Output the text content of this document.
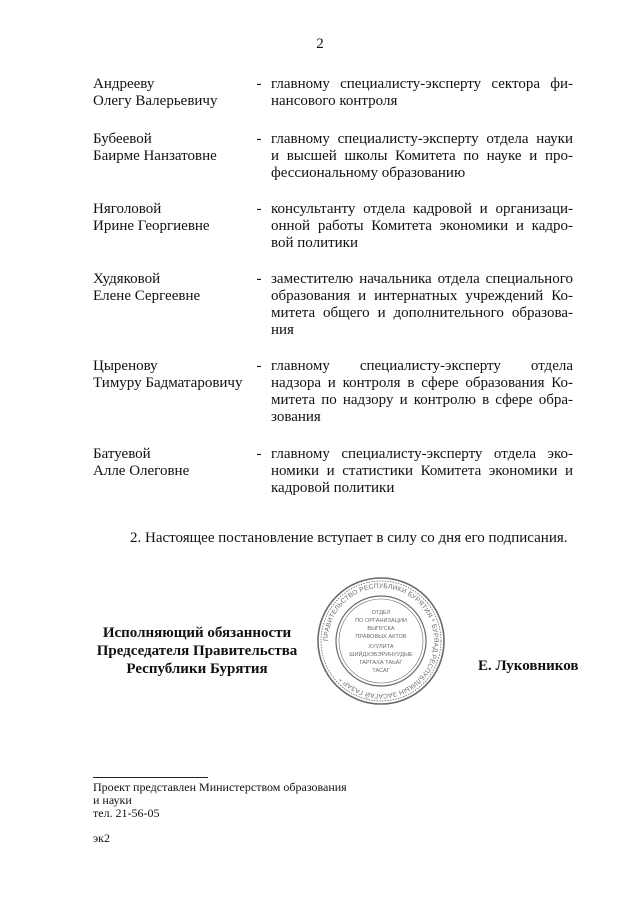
2
Андрееву
Олегу Валерьевичу
- главному специалисту-эксперту сектора фи-
нансового контроля
Бубеевой
Баирме Нанзатовне
- главному специалисту-эксперту отдела науки
и высшей школы Комитета по науке и про-
фессиональному образованию
Няголовой
Ирине Георгиевне
- консультанту отдела кадровой и организаци-
онной работы Комитета экономики и кадро-
вой политики
Худяковой
Елене Сергеевне
- заместителю начальника отдела специального
образования и интернатных учреждений Ко-
митета общего и дополнительного образова-
ния
Цыренову
Тимуру Бадматаровичу
- главному специалисту-эксперту отдела
надзора и контроля в сфере образования Ко-
митета по надзору и контролю в сфере обра-
зования
Батуевой
Алле Олеговне
- главному специалисту-эксперту отдела эко-
номики и статистики Комитета экономики и
кадровой политики
2. Настоящее постановление вступает в силу со дня его подписания.
Исполняющий обязанности
Председателя Правительства
Республики Бурятия
ПРАВИТЕЛЬСТВО РЕСПУБЛИКИ БУРЯТИЯ * БУРЯАД РЕСПУБЛИКЫН ЗАСАГАЙ ГАЗАР *
ОТДЕЛ
ПО ОРГАНИЗАЦИИ
ВЫПУСКА
ПРАВОВЫХ АКТОВ
ХУУЛИТА
ШИЙДХЭБЭРИНУУДЫЕ
ГАРГАХА ТАЬАГ
ТАСАГ	Е. Луковников
Проект представлен Министерством образования
и науки
тел. 21-56-05
эк2
